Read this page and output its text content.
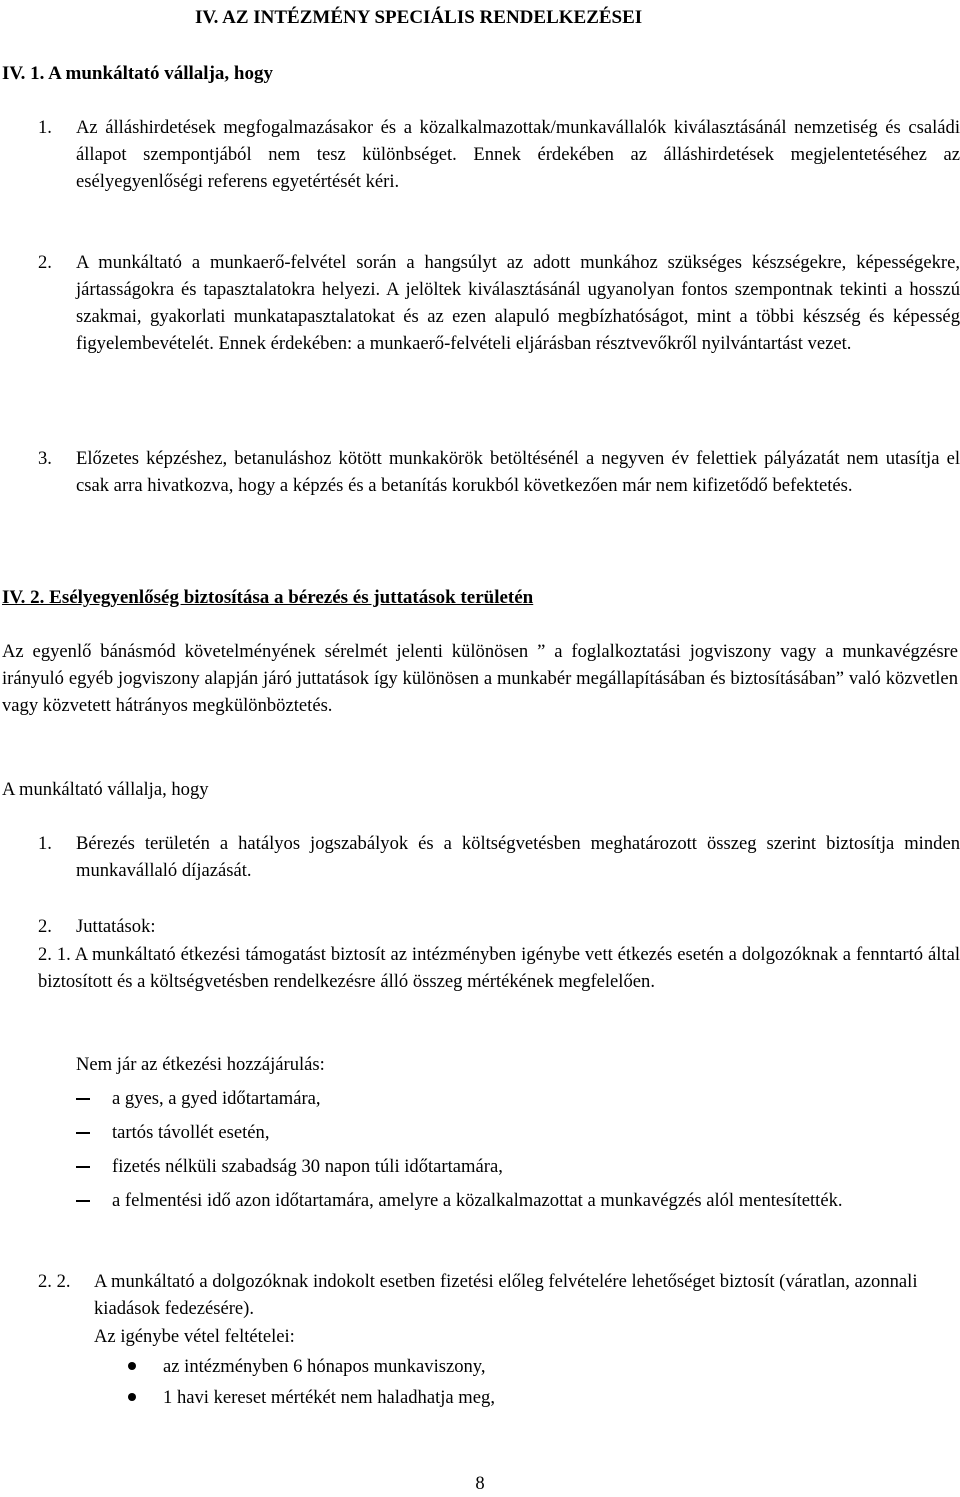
IV. AZ INTÉZMÉNY SPECIÁLIS RENDELKEZÉSEI
IV. 1. A munkáltató vállalja, hogy
1.	Az álláshirdetések megfogalmazásakor és a közalkalmazottak/munkavállalók kiválasztásánál nemzetiség és családi állapot szempontjából nem tesz különbséget. Ennek érdekében az álláshirdetések megjelentetéséhez az esélyegyenlőségi referens egyetértését kéri.
2.	A munkáltató a munkaerő-felvétel során a hangsúlyt az adott munkához szükséges készségekre, képességekre, jártasságokra és tapasztalatokra helyezi. A jelöltek kiválasztásánál ugyanolyan fontos szempontnak tekinti a hosszú szakmai, gyakorlati munkatapasztalatokat és az ezen alapuló megbízhatóságot, mint a többi készség és képesség figyelembevételét. Ennek érdekében: a munkaerő-felvételi eljárásban résztvevőkről nyilvántartást vezet.
3.	Előzetes képzéshez, betanuláshoz kötött munkakörök betöltésénél a negyven év felettiek pályázatát nem utasítja el csak arra hivatkozva, hogy a képzés és a betanítás korukból következően már nem kifizetődő befektetés.
IV. 2. Esélyegyenlőség biztosítása a bérezés és juttatások területén
Az egyenlő bánásmód követelményének sérelmét jelenti különösen ” a foglalkoztatási jogviszony vagy a munkavégzésre irányuló egyéb jogviszony alapján járó juttatások így különösen a munkabér megállapításában és biztosításában” való közvetlen vagy közvetett hátrányos megkülönböztetés.
A munkáltató vállalja, hogy
1.	Bérezés területén a hatályos jogszabályok és a költségvetésben meghatározott összeg szerint biztosítja minden munkavállaló díjazását.
2.	Juttatások:
2. 1. A munkáltató étkezési támogatást biztosít az intézményben igénybe vett étkezés esetén a dolgozóknak a fenntartó által biztosított és a költségvetésben rendelkezésre álló összeg mértékének megfelelően.
Nem jár az étkezési hozzájárulás:
a gyes, a gyed időtartamára,
tartós távollét esetén,
fizetés nélküli szabadság 30 napon túli időtartamára,
a felmentési idő azon időtartamára, amelyre a közalkalmazottat a munkavégzés alól mentesítették.
2. 2.	A munkáltató a dolgozóknak indokolt esetben fizetési előleg felvételére lehetőséget biztosít (váratlan, azonnali kiadások fedezésére).
Az igénybe vétel feltételei:
az intézményben 6 hónapos munkaviszony,
1 havi kereset mértékét nem haladhatja meg,
8
